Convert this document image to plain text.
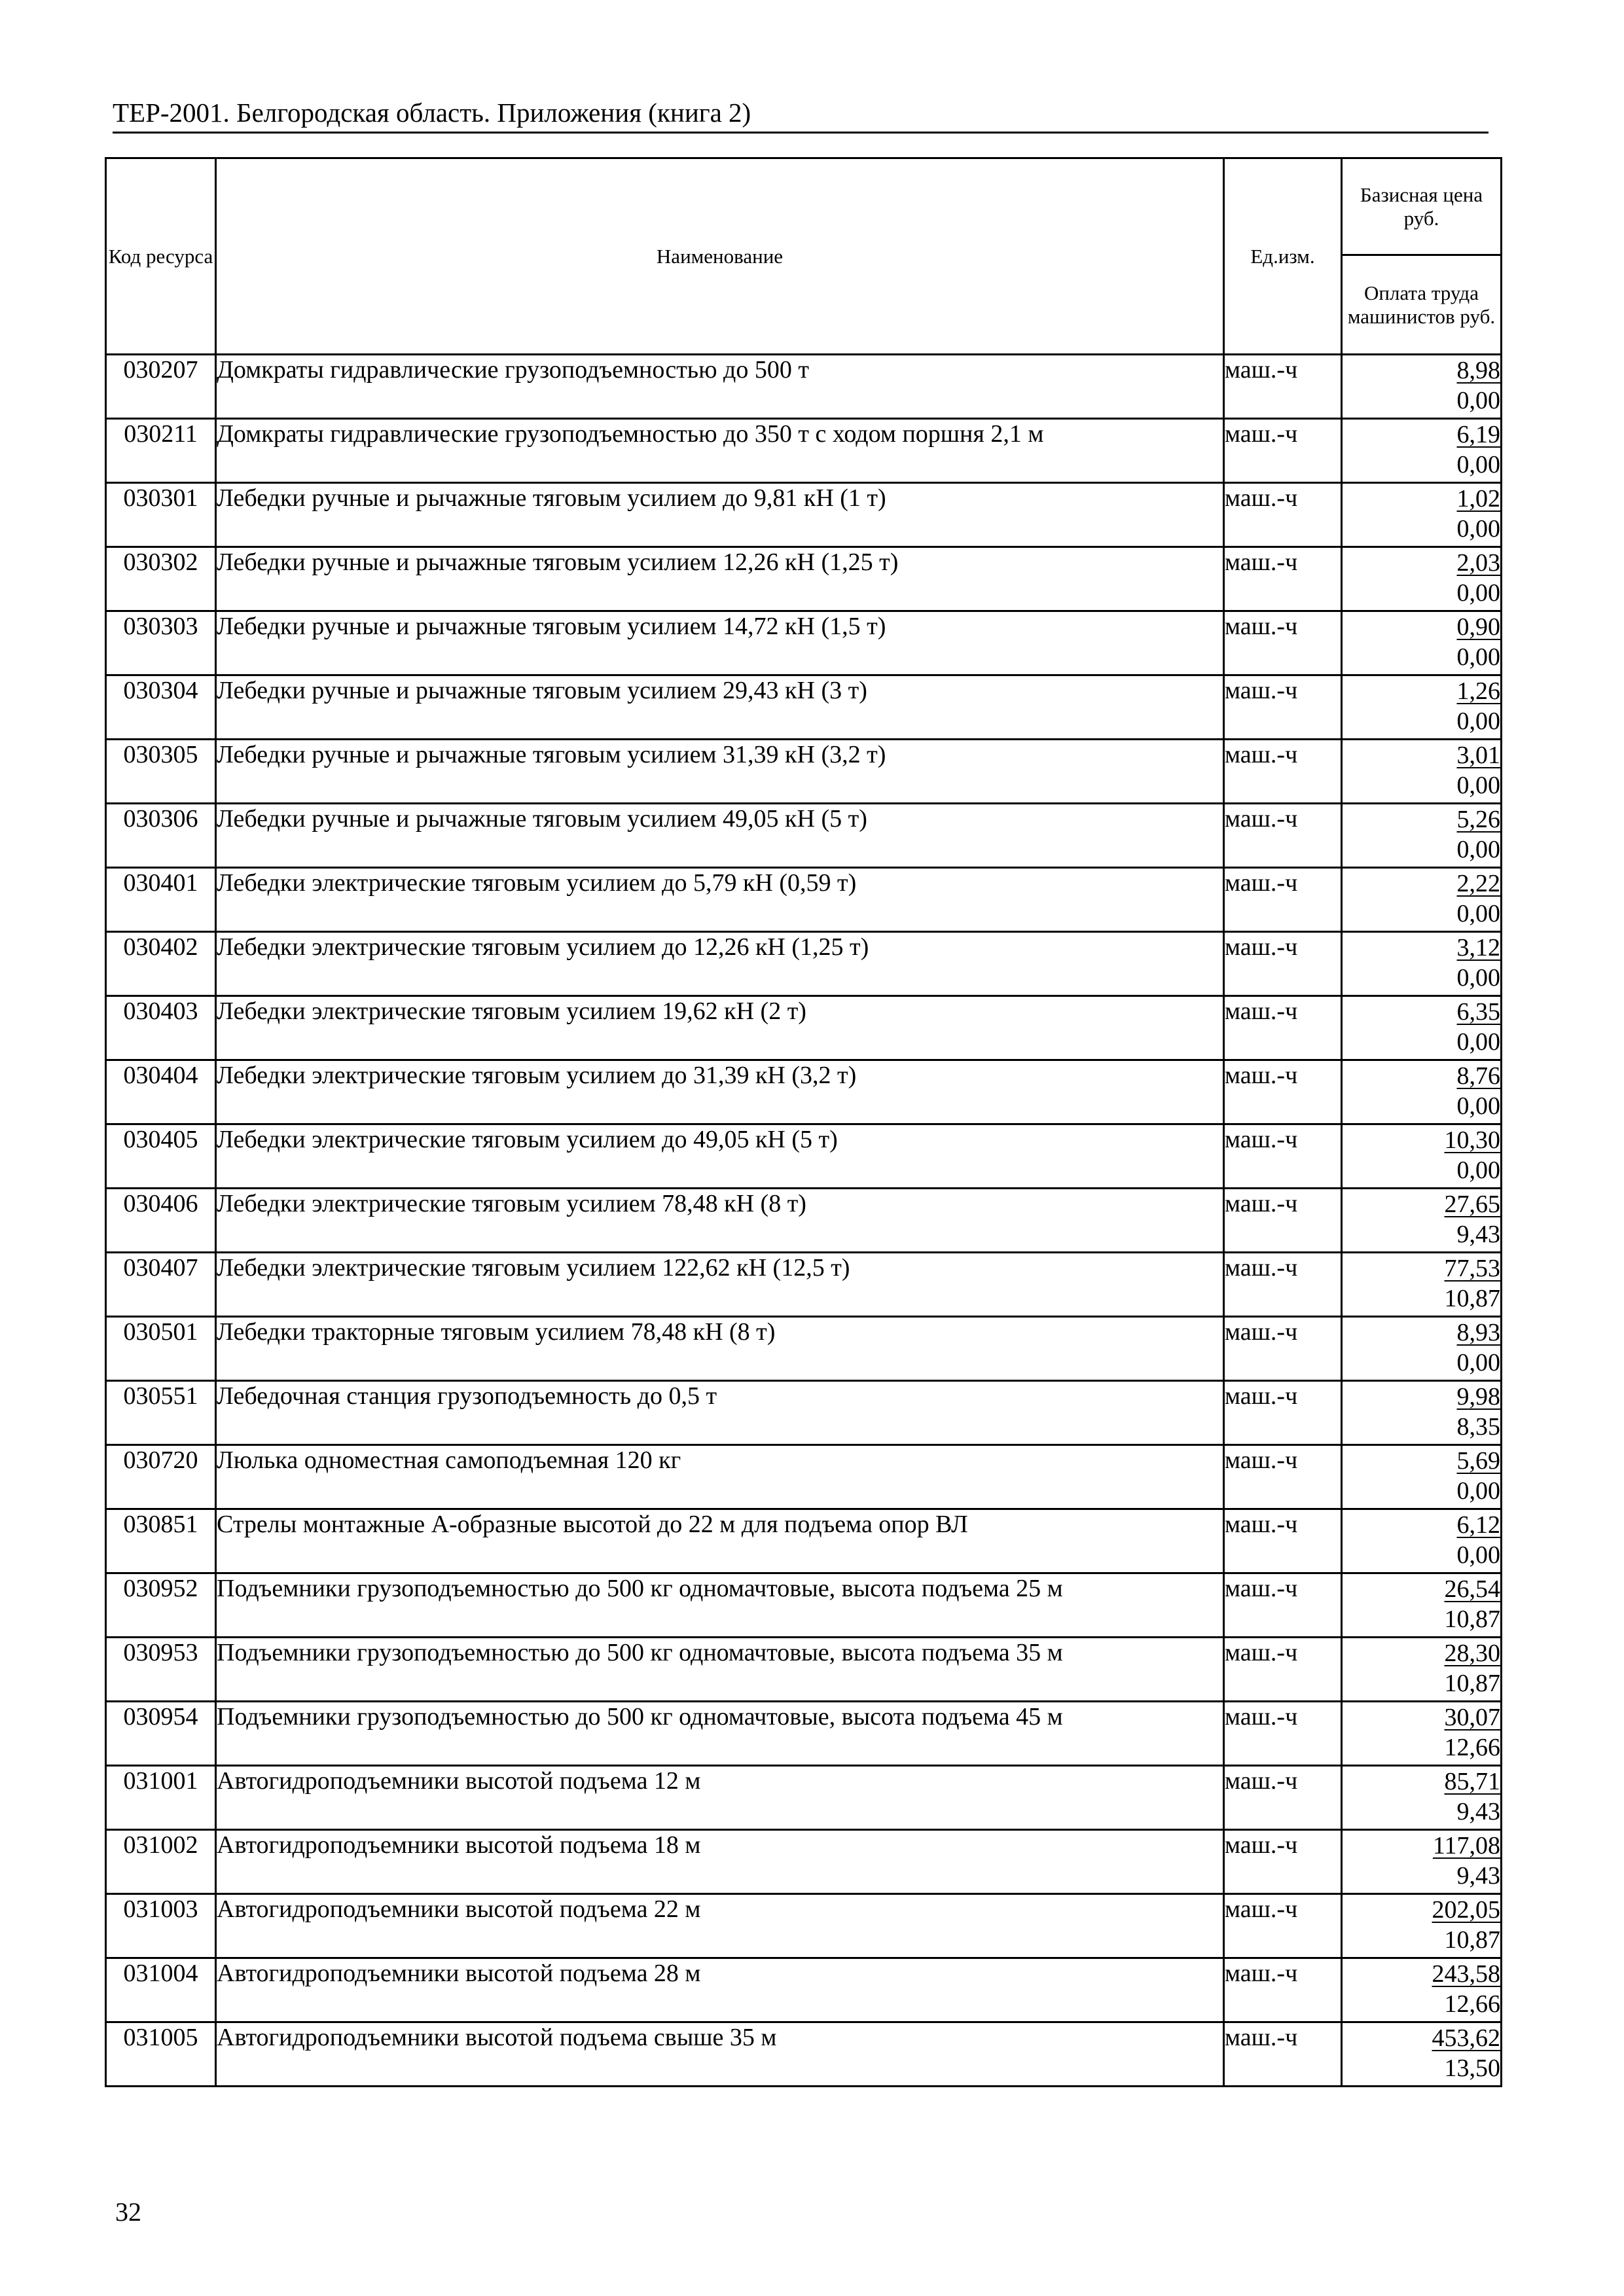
ТЕР-2001. Белгородская область. Приложения (книга 2)
Код ресурса	Наименование	Ед.изм.	Базисная цена руб.
			Оплата труда машинистов руб.
030207	Домкраты гидравлические грузоподъемностью до 500 т	маш.-ч	8,98
0,00

030211	Домкраты гидравлические грузоподъемностью до 350 т с ходом поршня 2,1 м	маш.-ч	6,19
0,00

030301	Лебедки ручные и рычажные тяговым усилием до 9,81 кН (1 т)	маш.-ч	1,02
0,00

030302	Лебедки ручные и рычажные тяговым усилием 12,26 кН (1,25 т)	маш.-ч	2,03
0,00

030303	Лебедки ручные и рычажные тяговым усилием 14,72 кН (1,5 т)	маш.-ч	0,90
0,00

030304	Лебедки ручные и рычажные тяговым усилием 29,43 кН (3 т)	маш.-ч	1,26
0,00

030305	Лебедки ручные и рычажные тяговым усилием 31,39 кН (3,2 т)	маш.-ч	3,01
0,00

030306	Лебедки ручные и рычажные тяговым усилием 49,05 кН (5 т)	маш.-ч	5,26
0,00

030401	Лебедки электрические тяговым усилием до 5,79 кН (0,59 т)	маш.-ч	2,22
0,00

030402	Лебедки электрические тяговым усилием до 12,26 кН (1,25 т)	маш.-ч	3,12
0,00

030403	Лебедки электрические тяговым усилием 19,62 кН (2 т)	маш.-ч	6,35
0,00

030404	Лебедки электрические тяговым усилием до 31,39 кН (3,2 т)	маш.-ч	8,76
0,00

030405	Лебедки электрические тяговым усилием до 49,05 кН (5 т)	маш.-ч	10,30
0,00

030406	Лебедки электрические тяговым усилием 78,48 кН (8 т)	маш.-ч	27,65
9,43

030407	Лебедки электрические тяговым усилием 122,62 кН (12,5 т)	маш.-ч	77,53
10,87

030501	Лебедки тракторные тяговым усилием 78,48 кН (8 т)	маш.-ч	8,93
0,00

030551	Лебедочная станция грузоподъемность до 0,5 т	маш.-ч	9,98
8,35

030720	Люлька одноместная самоподъемная 120 кг	маш.-ч	5,69
0,00

030851	Стрелы монтажные А-образные высотой до 22 м для подъема опор ВЛ	маш.-ч	6,12
0,00

030952	Подъемники грузоподъемностью до 500 кг одномачтовые, высота подъема 25 м	маш.-ч	26,54
10,87

030953	Подъемники грузоподъемностью до 500 кг одномачтовые, высота подъема 35 м	маш.-ч	28,30
10,87

030954	Подъемники грузоподъемностью до 500 кг одномачтовые, высота подъема 45 м	маш.-ч	30,07
12,66

031001	Автогидроподъемники высотой подъема 12 м	маш.-ч	85,71
9,43

031002	Автогидроподъемники высотой подъема 18 м	маш.-ч	117,08
9,43

031003	Автогидроподъемники высотой подъема 22 м	маш.-ч	202,05
10,87

031004	Автогидроподъемники высотой подъема 28 м	маш.-ч	243,58
12,66

031005	Автогидроподъемники высотой подъема свыше 35 м	маш.-ч	453,62
13,50
32
